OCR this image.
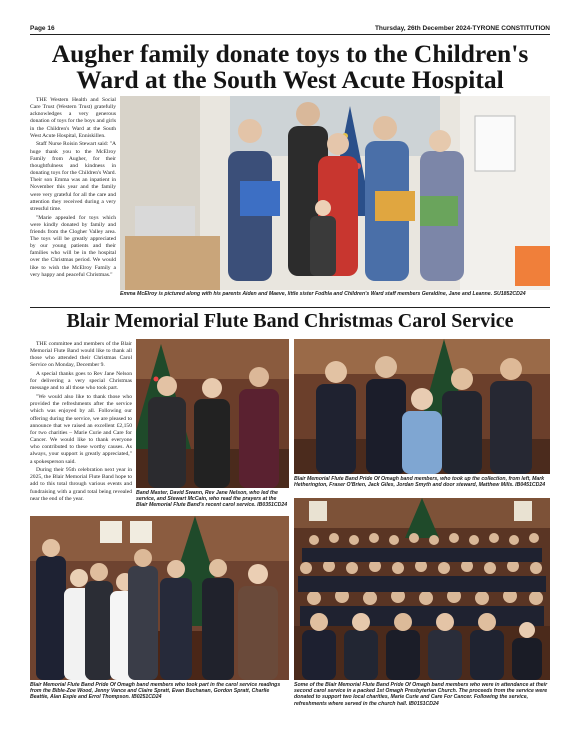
Page 16	Thursday, 26th December 2024-TYRONE CONSTITUTION
Augher family donate toys to the Children's
Ward at the South West Acute Hospital

THE Western Health and Social Care Trust (Western Trust) gratefully acknowledges a very generous donation of toys for the boys and girls in the Children's Ward at the South West Acute Hospital, Enniskillen.

Staff Nurse Roisin Stewart said: "A huge thank you to the McElroy Family from Augher, for their thoughtfulness and kindness in donating toys for the Children's Ward. Their son Emma was an inpatient in November this year and the family were very grateful for all the care and attention they received during a very stressful time.

"Marie appealed for toys which were kindly donated by family and friends from the Clogher Valley area. The toys will be greatly appreciated by our young patients and their families who will be in the hospital over the Christmas period. We would like to wish the McElroy Family a very happy and peaceful Christmas."

Emma McElroy is pictured along with his parents Aiden and Maeve, little sister Fodhla and Children's Ward staff members Geraldine, Jane and Leanne. SU1852CD24
Blair Memorial Flute Band Christmas Carol Service

THE committee and members of the Blair Memorial Flute Band would like to thank all those who attended their Christmas Carol Service on Monday, December 9.

A special thanks goes to Rev Jane Nelson for delivering a very special Christmas message and to all those who took part.

"We would also like to thank those who provided the refreshments after the service which was enjoyed by all. Following our offering during the service, we are pleased to announce that we raised an excellent £2,150 for two charities – Marie Curie and Care for Cancer. We would like to thank everyone who contributed to these worthy causes. As always, your support is greatly appreciated," a spokesperson said.

During their 95th celebration next year in 2025, the Blair Memorial Flute Band hope to add to this total through various events and fundraising with a grand total being revealed near the end of the year.

Band Master, David Swann, Rev Jane Nelson, who led the service, and Stewart McCain, who read the prayers at the Blair Memorial Flute Band's recent carol service. IB0351CD24
Blair Memorial Flute Band Pride Of Omagh band members, who took up the collection, from left, Mark Hetherington, Fraser O'Brien, Jack Giles, Jordan Smyth and door steward, Matthew Mills. IB0451CD24
Blair Memorial Flute Band Pride Of Omagh band members who took part in the carol service readings from the Bible-Zoe Wood, Jenny Vance and Claire Spratt, Evan Buchanan, Gordon Spratt, Charlie Beattie, Alan Espie and Errol Thompson. IB0251CD24
Some of the Blair Memorial Flute Band Pride Of Omagh band members who were in attendance at their second carol service in a packed 1st Omagh Presbyterian Church. The proceeds from the service were donated to support two local charities, Marie Curie and Care For Cancer. Following the service, refreshments where served in the church hall. IB0151CD24
